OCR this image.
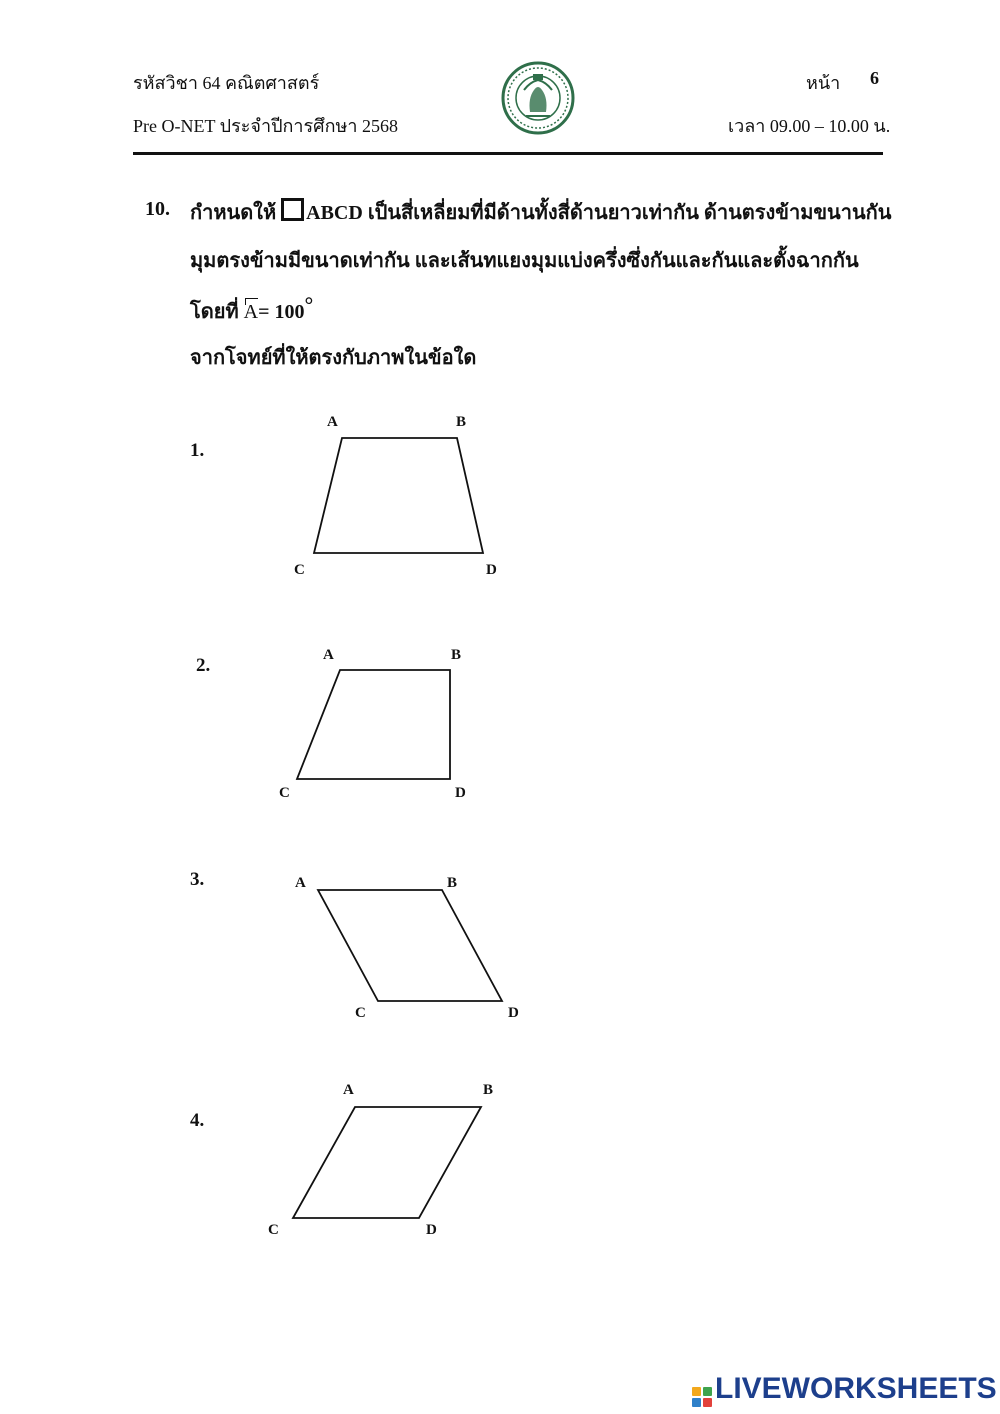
รหัสวิชา 64 คณิตศาสตร์
Pre O-NET ประจำปีการศึกษา 2568
หน้า 6
เวลา 09.00 – 10.00 น.
10. กำหนดให้ ABCD เป็นสี่เหลี่ยมที่มีด้านทั้งสี่ด้านยาวเท่ากัน ด้านตรงข้ามขนานกัน
มุมตรงข้ามมีขนาดเท่ากัน และเส้นทแยงมุมแบ่งครึ่งซึ่งกันและกันและตั้งฉากกัน
โดยที่ A= 100°
จากโจทย์ที่ให้ตรงกับภาพในข้อใด
1.
A	B
C	D
2.	A	B
C	D
3.	A	B
C	D
4.
A	B
C	D
LIVEWORKSHEETS
